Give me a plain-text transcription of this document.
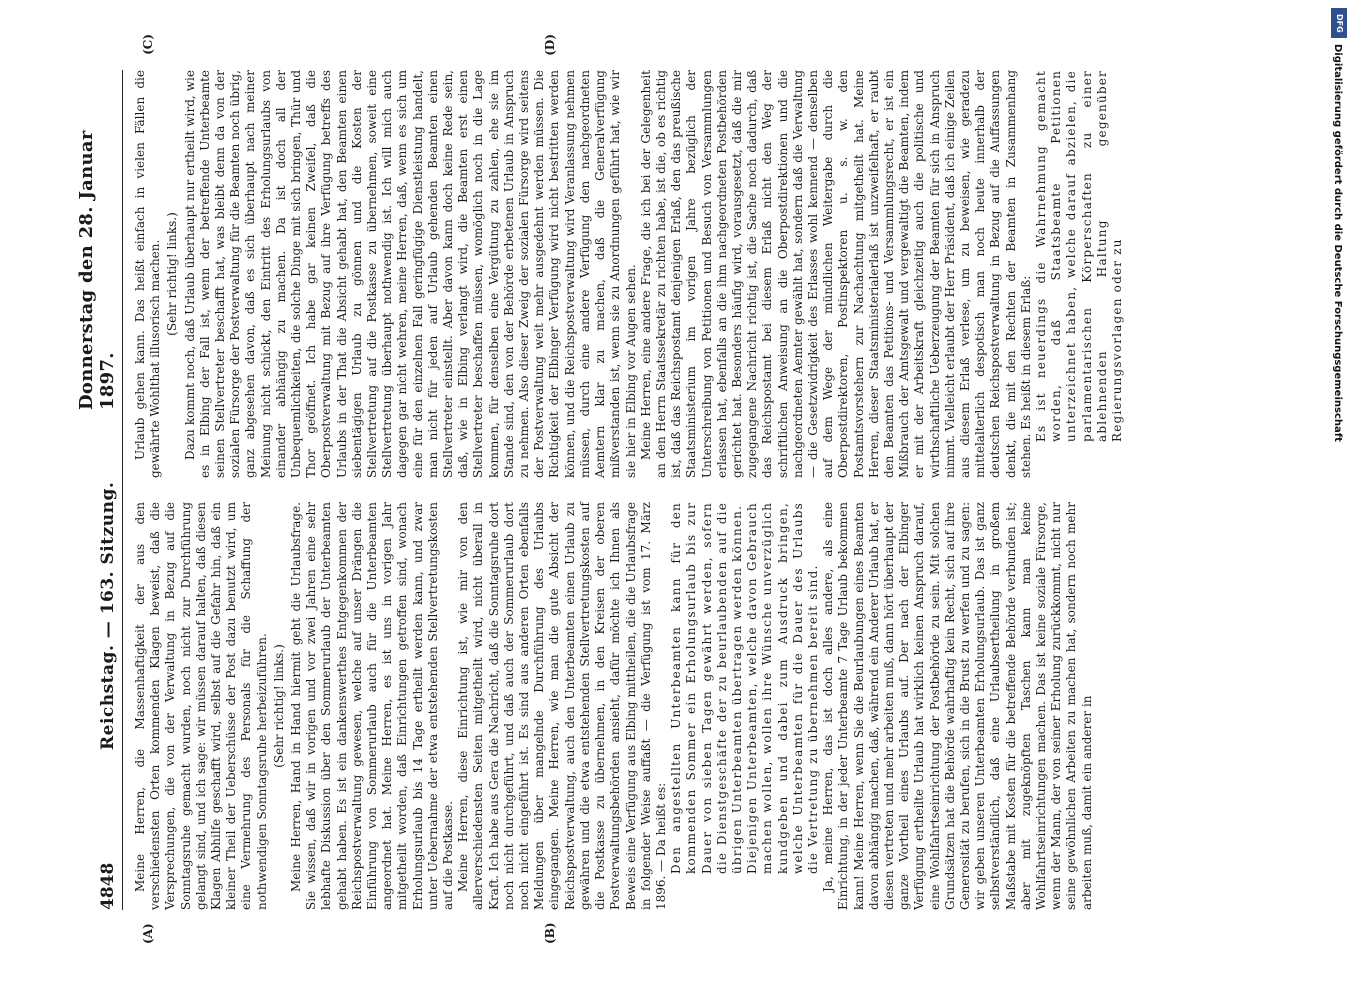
4848
Reichstag. — 163. Sitzung.
Donnerstag den 28. Januar 1897.
(A)	(B)
(C)	(D)

Meine Herren, die Massenhaftigkeit der aus den verschiedensten Orten kommenden Klagen beweist, daß die Versprechungen, die von der Verwaltung in Bezug auf die Sonntagsruhe gemacht wurden, noch nicht zur Durchführung gelangt sind, und ich sage: wir müssen darauf halten, daß diesen Klagen Abhilfe geschafft wird, selbst auf die Gefahr hin, daß ein kleiner Theil der Ueberschüsse der Post dazu benutzt wird, um eine Vermehrung des Personals für die Schaffung der nothwendigen Sonntagsruhe herbeizuführen. (Sehr richtig! links.) Meine Herren, Hand in Hand hiermit geht die Urlaubsfrage. Sie wissen, daß wir in vorigen und vor zwei Jahren eine sehr lebhafte Diskussion über den Sommerurlaub der Unterbeamten gehabt haben. Es ist ein dankenswerthes Entgegenkommen der Reichspostverwaltung gewesen, welche auf unser Drängen die Einführung von Sommerurlaub auch für die Unterbeamten angeordnet hat. Meine Herren, es ist uns in vorigen Jahr mitgetheilt worden, daß Einrichtungen getroffen sind, wonach Erholungsurlaub bis 14 Tage ertheilt werden kann, und zwar unter Uebernahme der etwa entstehenden Stellvertretungskosten auf die Postkasse. Meine Herren, diese Einrichtung ist, wie mir von den allerverschiedensten Seiten mitgetheilt wird, nicht überall in Kraft. Ich habe aus Gera die Nachricht, daß die Sonntagsruhe dort noch nicht durchgeführt, und daß auch der Sommerurlaub dort noch nicht eingeführt ist. Es sind aus anderen Orten ebenfalls Meldungen über mangelnde Durchführung des Urlaubs eingegangen. Meine Herren, wie man die gute Absicht der Reichspostverwaltung, auch den Unterbeamten einen Urlaub zu gewähren und die etwa entstehenden Stellvertretungskosten auf die Postkasse zu übernehmen, in den Kreisen der oberen Postverwaltungsbehörden ansieht, dafür möchte ich Ihnen als Beweis eine Verfügung aus Elbing mittheilen, die die Urlaubsfrage in folgender Weise auffaßt — die Verfügung ist vom 17. März 1896. — Da heißt es: Den angestellten Unterbeamten kann für den kommenden Sommer ein Erholungsurlaub bis zur Dauer von sieben Tagen gewährt werden, sofern die Dienstgeschäfte der zu beurlaubenden auf die übrigen Unterbeamten übertragen werden können. Diejenigen Unterbeamten, welche davon Gebrauch machen wollen, wollen ihre Wünsche unverzüglich kundgeben und dabei zum Ausdruck bringen, welche Unterbeamten für die Dauer des Urlaubs die Vertretung zu übernehmen bereit sind. Ja, meine Herren, das ist doch alles andere, als eine Einrichtung, in der jeder Unterbeamte 7 Tage Urlaub bekommen kann! Meine Herren, wenn Sie die Beurlaubungen eines Beamten davon abhängig machen, daß, während ein Anderer Urlaub hat, er diesen vertreten und mehr arbeiten muß, dann hört überhaupt der ganze Vortheil eines Urlaubs auf. Der nach der Elbinger Verfügung ertheilte Urlaub hat wirklich keinen Anspruch darauf, eine Wohlfahrtseinrichtung der Postbehörde zu sein. Mit solchen Grundsätzen hat die Behörde wahrhaftig kein Recht, sich auf ihre Generosität zu berufen, sich in die Brust zu werfen und zu sagen: wir geben unseren Unterbeamten Erholungsurlaub. Das ist ganz selbstverständlich, daß eine Urlaubsertheilung in großem Maßstabe mit Kosten für die betreffende Behörde verbunden ist; aber mit zugeknöpften Taschen kann man keine Wohlfahrtseinrichtungen machen. Das ist keine soziale Fürsorge, wenn der Mann, der von seiner Erholung zurückkommt, nicht nur seine gewöhnlichen Arbeiten zu machen hat, sondern noch mehr arbeiten muß, damit ein anderer in

Urlaub gehen kann. Das heißt einfach in vielen Fällen die gewährte Wohlthat illusorisch machen. (Sehr richtig! links.) Dazu kommt noch, daß Urlaub überhaupt nur ertheilt wird, wie es in Elbing der Fall ist, wenn der betreffende Unterbeamte seinen Stellvertreter beschafft hat, was bleibt denn da von der sozialen Fürsorge der Postverwaltung für die Beamten noch übrig, ganz abgesehen davon, daß es sich überhaupt nach meiner Meinung nicht schickt, den Eintritt des Erholungsurlaubs von einander abhängig zu machen. Da ist doch all der Unbequemlichkeiten, die solche Dinge mit sich bringen, Thür und Thor geöffnet. Ich habe gar keinen Zweifel, daß die Oberpostverwaltung mit Bezug auf ihre Verfügung betreffs des Urlaubs in der That die Absicht gehabt hat, den Beamten einen siebentägigen Urlaub zu gönnen und die Kosten der Stellvertretung auf die Postkasse zu übernehmen, soweit eine Stellvertretung überhaupt nothwendig ist. Ich will mich auch dagegen gar nicht wehren, meine Herren, daß, wenn es sich um eine für den einzelnen Fall geringfügige Dienstleistung handelt, man nicht für jeden auf Urlaub gehenden Beamten einen Stellvertreter einstellt. Aber davon kann doch keine Rede sein, daß, wie in Elbing verlangt wird, die Beamten erst einen Stellvertreter beschaffen müssen, womöglich noch in die Lage kommen, für denselben eine Vergütung zu zahlen, ehe sie im Stande sind, den von der Behörde erbetenen Urlaub in Anspruch zu nehmen. Also dieser Zweig der sozialen Fürsorge wird seitens der Postverwaltung weit mehr ausgedehnt werden müssen. Die Richtigkeit der Elbinger Verfügung wird nicht bestritten werden können, und die Reichspostverwaltung wird Veranlassung nehmen müssen, durch eine andere Verfügung den nachgeordneten Aemtern klar zu machen, daß die Generalverfügung mißverstanden ist, wenn sie zu Anordnungen geführt hat, wie wir sie hier in Elbing vor Augen sehen. Meine Herren, eine andere Frage, die ich bei der Gelegenheit an den Herrn Staatssekretär zu richten habe, ist die, ob es richtig ist, daß das Reichspostamt denjenigen Erlaß, den das preußische Staatsministerium im vorigen Jahre bezüglich der Unterschreibung von Petitionen und Besuch von Versammlungen erlassen hat, ebenfalls an die ihm nachgeordneten Postbehörden gerichtet hat. Besonders häufig wird, vorausgesetzt, daß die mir zugegangene Nachricht richtig ist, die Sache noch dadurch, daß das Reichspostamt bei diesem Erlaß nicht den Weg der schriftlichen Anweisung an die Oberpostdirektionen und die nachgeordneten Aemter gewählt hat, sondern daß die Verwaltung — die Gesetzwidrigkeit des Erlasses wohl kennend — denselben auf dem Wege der mündlichen Weitergabe durch die Oberpostdirektoren, Postinspektoren u. s. w. den Postamtsvorstehern zur Nachachtung mitgetheilt hat. Meine Herren, dieser Staatsministerialerlaß ist unzweifelhaft, er raubt den Beamten das Petitions- und Versammlungsrecht, er ist ein Mißbrauch der Amtsgewalt und vergewaltigt die Beamten, indem er mit der Arbeitskraft gleichzeitig auch die politische und wirthschaftliche Ueberzeugung der Beamten für sich in Anspruch nimmt. Vielleicht erlaubt der Herr Präsident, daß ich einige Zeilen aus diesem Erlaß verlese, um zu beweisen, wie geradezu mittelalterlich despotisch man noch heute innerhalb der deutschen Reichspostverwaltung in Bezug auf die Auffassungen denkt, die mit den Rechten der Beamten in Zusammenhang stehen. Es heißt in diesem Erlaß: Es ist neuerdings die Wahrnehmung gemacht worden, daß Staatsbeamte Petitionen unterzeichnet haben, welche darauf abzielen, die parlamentarischen Körperschaften zu einer ablehnenden Haltung gegenüber Regierungsvorlagen oder zu

DFG
Digitalisierung gefördert durch die Deutsche Forschungsgemeinschaft
